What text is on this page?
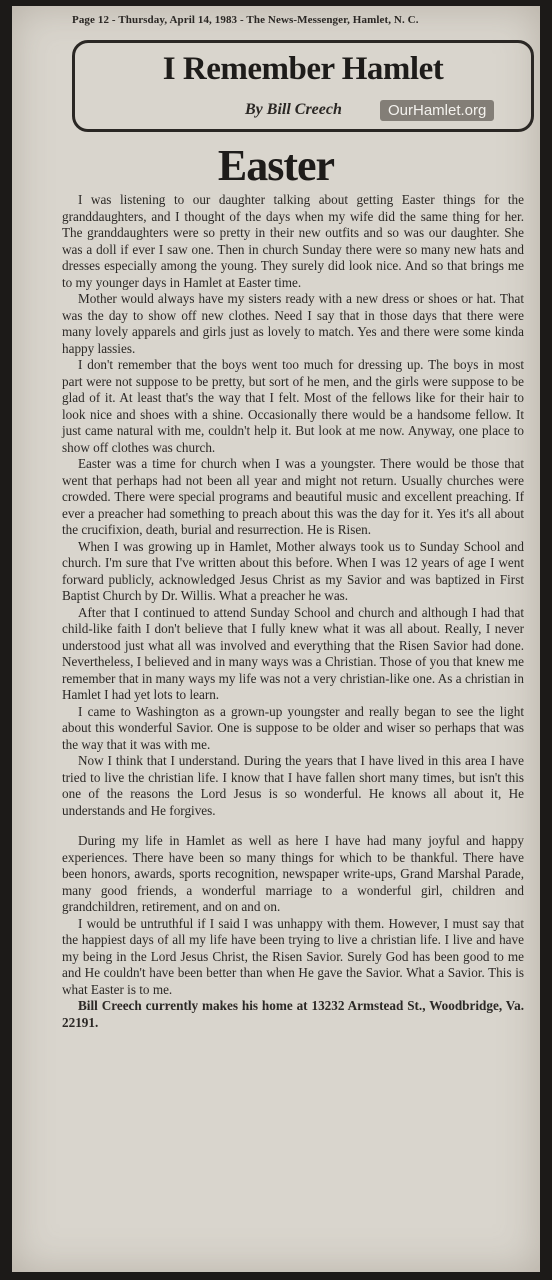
Page 12 - Thursday, April 14, 1983 - The News-Messenger, Hamlet, N. C.
I Remember Hamlet
By Bill Creech	OurHamlet.org
Easter

I was listening to our daughter talking about getting Easter things for the granddaughters, and I thought of the days when my wife did the same thing for her. The granddaughters were so pretty in their new outfits and so was our daughter. She was a doll if ever I saw one. Then in church Sunday there were so many new hats and dresses especially among the young. They surely did look nice. And so that brings me to my younger days in Hamlet at Easter time.

Mother would always have my sisters ready with a new dress or shoes or hat. That was the day to show off new clothes. Need I say that in those days that there were many lovely apparels and girls just as lovely to match. Yes and there were some kinda happy lassies.

I don't remember that the boys went too much for dressing up. The boys in most part were not suppose to be pretty, but sort of he men, and the girls were suppose to be glad of it. At least that's the way that I felt. Most of the fellows like for their hair to look nice and shoes with a shine. Occasionally there would be a handsome fellow. It just came natural with me, couldn't help it. But look at me now. Anyway, one place to show off clothes was church.

Easter was a time for church when I was a youngster. There would be those that went that perhaps had not been all year and might not return. Usually churches were crowded. There were special programs and beautiful music and excellent preaching. If ever a preacher had something to preach about this was the day for it. Yes it's all about the crucifixion, death, burial and resurrection. He is Risen.

When I was growing up in Hamlet, Mother always took us to Sunday School and church. I'm sure that I've written about this before. When I was 12 years of age I went forward publicly, acknowledged Jesus Christ as my Savior and was baptized in First Baptist Church by Dr. Willis. What a preacher he was.

After that I continued to attend Sunday School and church and although I had that child-like faith I don't believe that I fully knew what it was all about. Really, I never understood just what all was involved and everything that the Risen Savior had done. Nevertheless, I believed and in many ways was a Christian. Those of you that knew me remember that in many ways my life was not a very christian-like one. As a christian in Hamlet I had yet lots to learn.

I came to Washington as a grown-up youngster and really began to see the light about this wonderful Savior. One is suppose to be older and wiser so perhaps that was the way that it was with me.

Now I think that I understand. During the years that I have lived in this area I have tried to live the christian life. I know that I have fallen short many times, but isn't this one of the reasons the Lord Jesus is so wonderful. He knows all about it, He understands and He forgives.

During my life in Hamlet as well as here I have had many joyful and happy experiences. There have been so many things for which to be thankful. There have been honors, awards, sports recognition, newspaper write-ups, Grand Marshal Parade, many good friends, a wonderful marriage to a wonderful girl, children and grandchildren, retirement, and on and on.

I would be untruthful if I said I was unhappy with them. However, I must say that the happiest days of all my life have been trying to live a christian life. I live and have my being in the Lord Jesus Christ, the Risen Savior. Surely God has been good to me and He couldn't have been better than when He gave the Savior. What a Savior. This is what Easter is to me.

Bill Creech currently makes his home at 13232 Armstead St., Woodbridge, Va. 22191.
